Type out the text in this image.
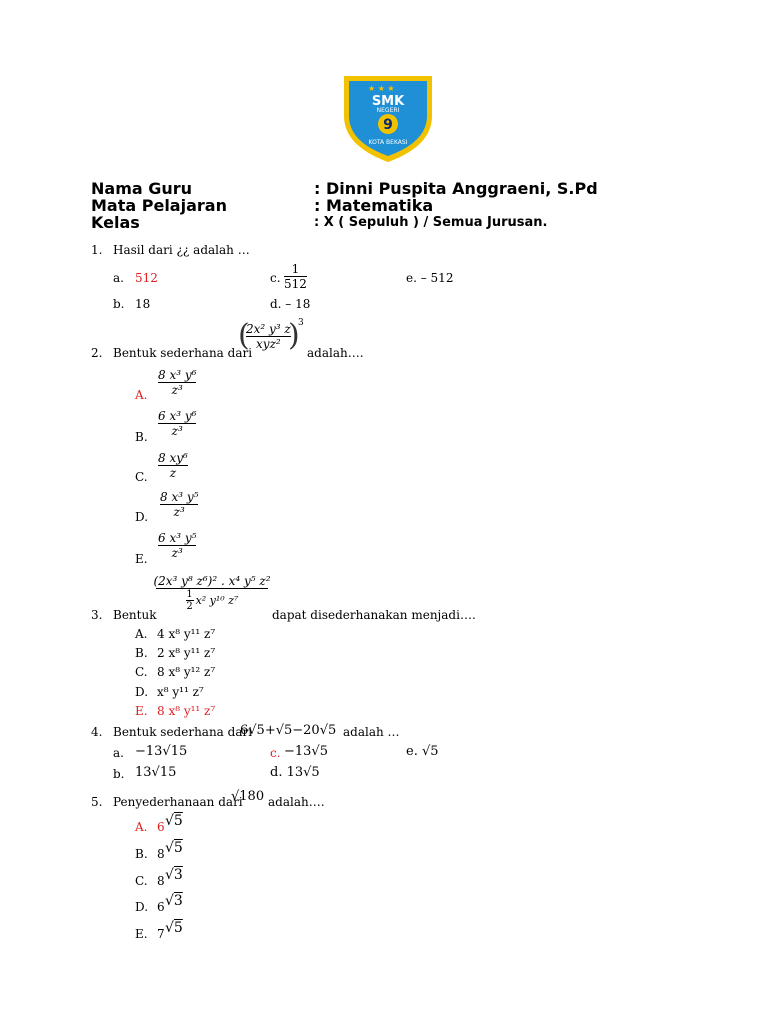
★ ★ ★
SMK
NEGERI
9
KOTA BEKASI
Nama Guru
Mata Pelajaran
Kelas
: Dinni Puspita Anggraeni, S.Pd
: Matematika
: X ( Sepuluh ) / Semua Jurusan.
1. Hasil dari ¿¿ adalah …
a. 512
b. 18
c.
1
512
d. – 18
e. – 512
2. Bentuk sederhana dari
(
2x² y³ z
xyz² )
3
adalah….
A.
8 x³ y⁶
z³
B.
6 x³ y⁶
z³
C.
8 xy⁶
z
D.
8 x³ y⁵
z³
E.
6 x³ y⁵
z³
3. Bentuk
(2x³ y⁸ z⁶)² . x⁴ y⁵ z²
1
2 x² y¹⁰ z⁷
dapat disederhanakan menjadi….
A. 4 x⁸ y¹¹ z⁷
B. 2 x⁸ y¹¹ z⁷
C. 8 x⁸ y¹² z⁷
D. x⁸ y¹¹ z⁷
E. 8 x⁸ y¹¹ z⁷
4. Bentuk sederhana dari
6√5+√5−20√5 adalah …
a. −13√15
b. 13√15
c. −13√5
d. 13√5
e. √5
5. Penyederhanaan dari
√180 adalah….
A. 6 √5
B. 8 √5
C. 8 √3
D. 6 √3
E. 7 √5
